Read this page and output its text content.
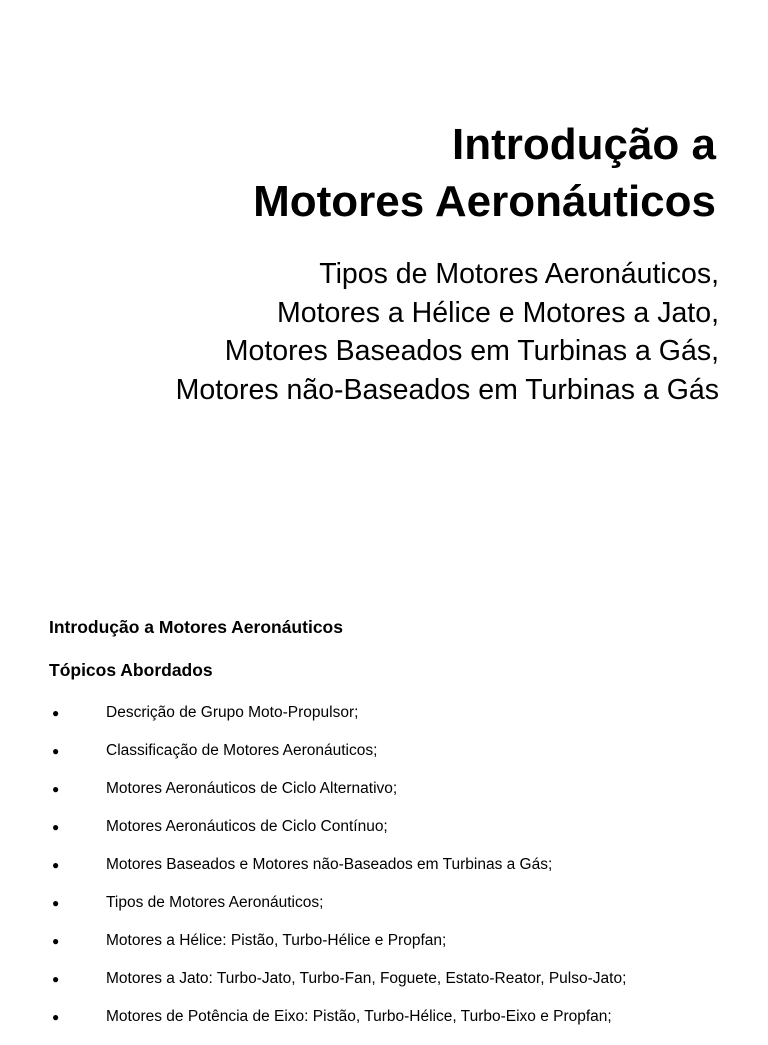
Introdução a
Motores Aeronáuticos
Tipos de Motores Aeronáuticos,
Motores a Hélice e Motores a Jato,
Motores Baseados em Turbinas a Gás,
Motores não-Baseados em Turbinas a Gás
Introdução a Motores Aeronáuticos
Tópicos Abordados
●	Descrição de Grupo Moto-Propulsor;
●	Classificação de Motores Aeronáuticos;
●	Motores Aeronáuticos de Ciclo Alternativo;
●	Motores Aeronáuticos de Ciclo Contínuo;
●	Motores Baseados e Motores não-Baseados em Turbinas a Gás;
●	Tipos de Motores Aeronáuticos;
●	Motores a Hélice: Pistão, Turbo-Hélice e Propfan;
●	Motores a Jato: Turbo-Jato, Turbo-Fan, Foguete, Estato-Reator, Pulso-Jato;
●	Motores de Potência de Eixo: Pistão, Turbo-Hélice, Turbo-Eixo e Propfan;
